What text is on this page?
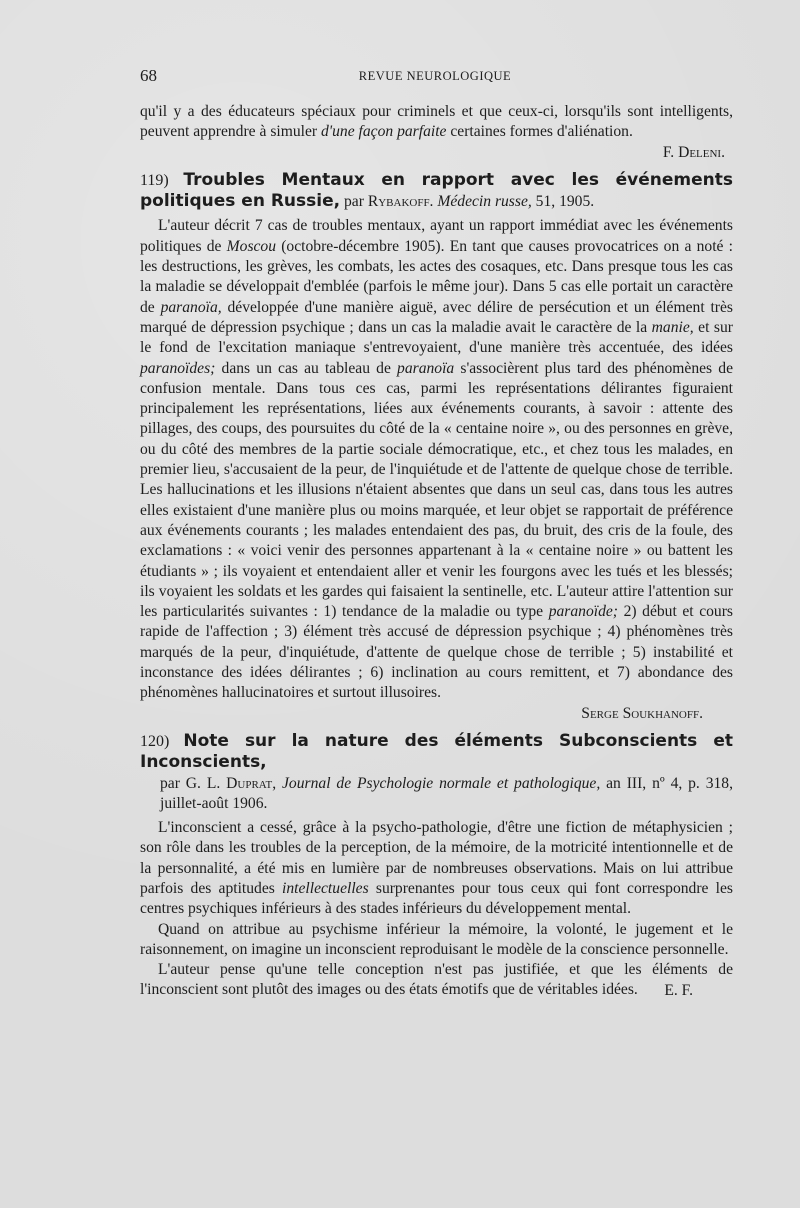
68	REVUE NEUROLOGIQUE

qu'il y a des éducateurs spéciaux pour criminels et que ceux-ci, lorsqu'ils sont intelligents, peuvent apprendre à simuler d'une façon parfaite certaines formes d'aliénation.

F. Deleni.

119) Troubles Mentaux en rapport avec les événements politiques en Russie, par Rybakoff. Médecin russe, 51, 1905.

L'auteur décrit 7 cas de troubles mentaux, ayant un rapport immédiat avec les événements politiques de Moscou (octobre-décembre 1905). En tant que causes provocatrices on a noté : les destructions, les grèves, les combats, les actes des cosaques, etc. Dans presque tous les cas la maladie se développait d'emblée (parfois le même jour). Dans 5 cas elle portait un caractère de paranoïa, développée d'une manière aiguë, avec délire de persécution et un élément très marqué de dépression psychique ; dans un cas la maladie avait le caractère de la manie, et sur le fond de l'excitation maniaque s'entrevoyaient, d'une manière très accentuée, des idées paranoïdes; dans un cas au tableau de paranoïa s'associèrent plus tard des phénomènes de confusion mentale. Dans tous ces cas, parmi les représentations délirantes figuraient principalement les représentations, liées aux événements courants, à savoir : attente des pillages, des coups, des poursuites du côté de la « centaine noire », ou des personnes en grève, ou du côté des membres de la partie sociale démocratique, etc., et chez tous les malades, en premier lieu, s'accusaient de la peur, de l'inquiétude et de l'attente de quelque chose de terrible. Les hallucinations et les illusions n'étaient absentes que dans un seul cas, dans tous les autres elles existaient d'une manière plus ou moins marquée, et leur objet se rapportait de préférence aux événements courants ; les malades entendaient des pas, du bruit, des cris de la foule, des exclamations : « voici venir des personnes appartenant à la « centaine noire » ou battent les étudiants » ; ils voyaient et entendaient aller et venir les fourgons avec les tués et les blessés; ils voyaient les soldats et les gardes qui faisaient la sentinelle, etc. L'auteur attire l'attention sur les particularités suivantes : 1) tendance de la maladie ou type paranoïde; 2) début et cours rapide de l'affection ; 3) élément très accusé de dépression psychique ; 4) phénomènes très marqués de la peur, d'inquiétude, d'attente de quelque chose de terrible ; 5) instabilité et inconstance des idées délirantes ; 6) inclination au cours remittent, et 7) abondance des phénomènes hallucinatoires et surtout illusoires.

Serge Soukhanoff.

120) Note sur la nature des éléments Subconscients et Inconscients,
par G. L. Duprat, Journal de Psychologie normale et pathologique, an III, nº 4, p. 318, juillet-août 1906.

L'inconscient a cessé, grâce à la psycho-pathologie, d'être une fiction de métaphysicien ; son rôle dans les troubles de la perception, de la mémoire, de la motricité intentionnelle et de la personnalité, a été mis en lumière par de nombreuses observations. Mais on lui attribue parfois des aptitudes intellectuelles surprenantes pour tous ceux qui font correspondre les centres psychiques inférieurs à des stades inférieurs du développement mental.

Quand on attribue au psychisme inférieur la mémoire, la volonté, le jugement et le raisonnement, on imagine un inconscient reproduisant le modèle de la conscience personnelle.

L'auteur pense qu'une telle conception n'est pas justifiée, et que les éléments de l'inconscient sont plutôt des images ou des états émotifs que de véritables idées.	E. F.
